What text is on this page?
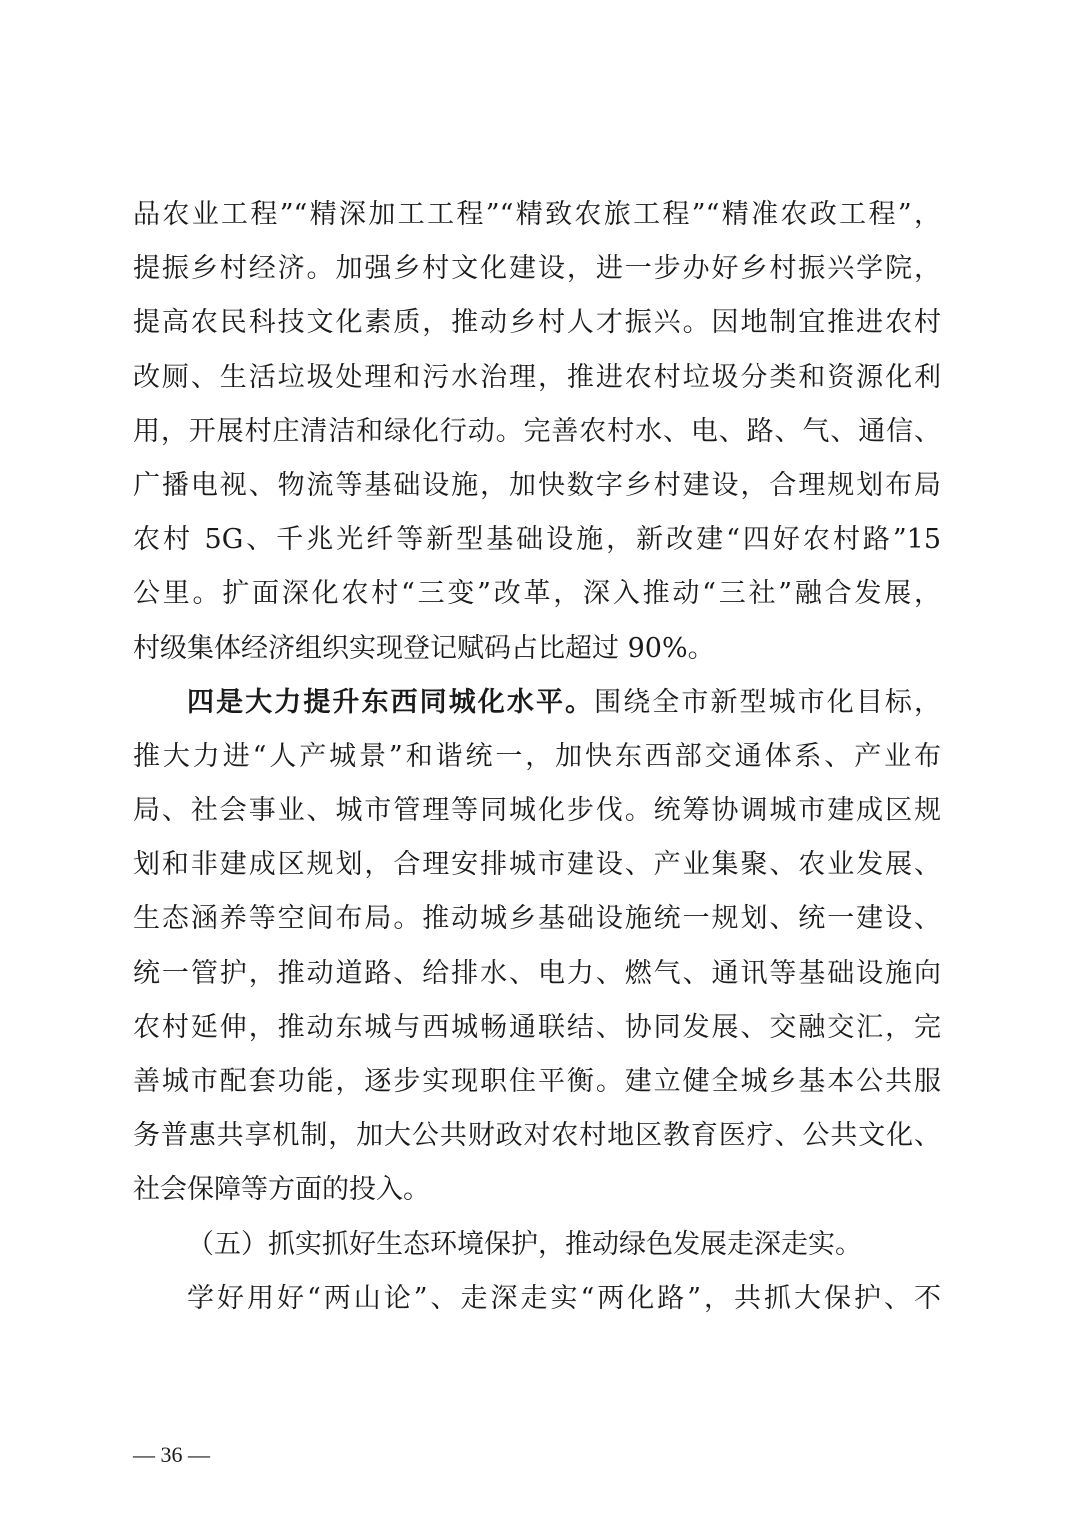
品农业工程”“精深加工工程”“精致农旅工程”“精准农政工程”，
提振乡村经济。加强乡村文化建设，进一步办好乡村振兴学院，
提高农民科技文化素质，推动乡村人才振兴。因地制宜推进农村
改厕、生活垃圾处理和污水治理，推进农村垃圾分类和资源化利
用，开展村庄清洁和绿化行动。完善农村水、电、路、气、通信、
广播电视、物流等基础设施，加快数字乡村建设，合理规划布局
农村 5G、千兆光纤等新型基础设施，新改建“四好农村路”15
公里。扩面深化农村“三变”改革，深入推动“三社”融合发展，
村级集体经济组织实现登记赋码占比超过 90%。
四是大力提升东西同城化水平。围绕全市新型城市化目标，
推大力进“人产城景”和谐统一，加快东西部交通体系、产业布
局、社会事业、城市管理等同城化步伐。统筹协调城市建成区规
划和非建成区规划，合理安排城市建设、产业集聚、农业发展、
生态涵养等空间布局。推动城乡基础设施统一规划、统一建设、
统一管护，推动道路、给排水、电力、燃气、通讯等基础设施向
农村延伸，推动东城与西城畅通联结、协同发展、交融交汇，完
善城市配套功能，逐步实现职住平衡。建立健全城乡基本公共服
务普惠共享机制，加大公共财政对农村地区教育医疗、公共文化、
社会保障等方面的投入。
（五）抓实抓好生态环境保护，推动绿色发展走深走实。
学好用好“两山论”、走深走实“两化路”，共抓大保护、不
— 36 —
